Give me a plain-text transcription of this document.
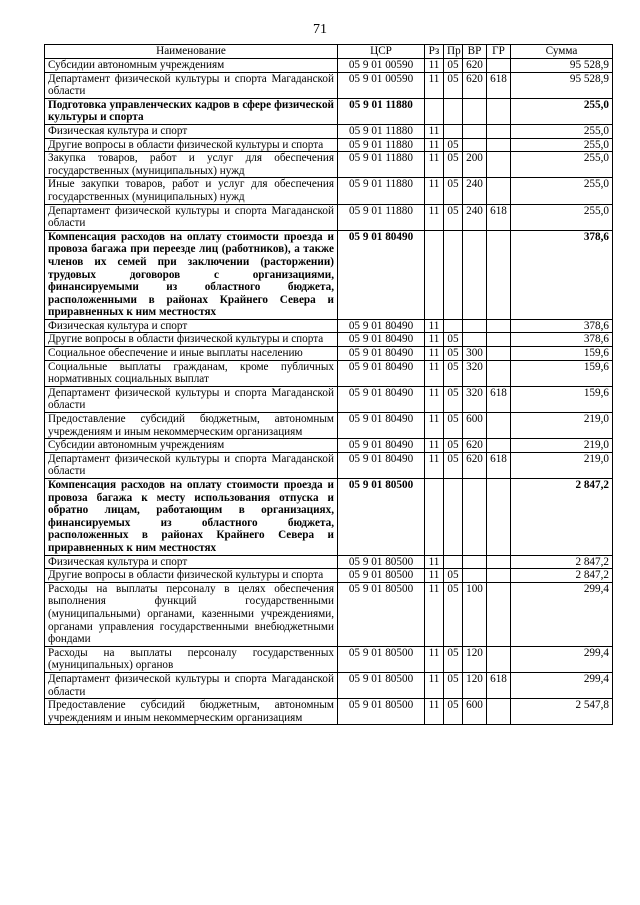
71
Наименование	ЦСР	Рз	Пр	ВР	ГР	Сумма
Субсидии автономным учреждениям	05 9 01 00590	11	05	620		95 528,9
Департамент физической культуры и спорта Магаданской области	05 9 01 00590	11	05	620	618	95 528,9
Подготовка управленческих кадров в сфере физической культуры и спорта	05 9 01 11880					255,0
Физическая культура и спорт	05 9 01 11880	11				255,0
Другие вопросы в области физической культуры и спорта	05 9 01 11880	11	05			255,0
Закупка товаров, работ и услуг для обеспечения государственных (муниципальных) нужд	05 9 01 11880	11	05	200		255,0
Иные закупки товаров, работ и услуг для обеспечения государственных (муниципальных) нужд	05 9 01 11880	11	05	240		255,0
Департамент физической культуры и спорта Магаданской области	05 9 01 11880	11	05	240	618	255,0
Компенсация расходов на оплату стоимости проезда и провоза багажа при переезде лиц (работников), а также членов их семей при заключении (расторжении) трудовых договоров с организациями, финансируемыми из областного бюджета, расположенными в районах Крайнего Севера и приравненных к ним местностях	05 9 01 80490					378,6
Физическая культура и спорт	05 9 01 80490	11				378,6
Другие вопросы в области физической культуры и спорта	05 9 01 80490	11	05			378,6
Социальное обеспечение и иные выплаты населению	05 9 01 80490	11	05	300		159,6
Социальные выплаты гражданам, кроме публичных нормативных социальных выплат	05 9 01 80490	11	05	320		159,6
Департамент физической культуры и спорта Магаданской области	05 9 01 80490	11	05	320	618	159,6
Предоставление субсидий бюджетным, автономным учреждениям и иным некоммерческим организациям	05 9 01 80490	11	05	600		219,0
Субсидии автономным учреждениям	05 9 01 80490	11	05	620		219,0
Департамент физической культуры и спорта Магаданской области	05 9 01 80490	11	05	620	618	219,0
Компенсация расходов на оплату стоимости проезда и провоза багажа к месту использования отпуска и обратно лицам, работающим в организациях, финансируемых из областного бюджета, расположенных в районах Крайнего Севера и приравненных к ним местностях	05 9 01 80500					2 847,2
Физическая культура и спорт	05 9 01 80500	11				2 847,2
Другие вопросы в области физической культуры и спорта	05 9 01 80500	11	05			2 847,2
Расходы на выплаты персоналу в целях обеспечения выполнения функций государственными (муниципальными) органами, казенными учреждениями, органами управления государственными внебюджетными фондами	05 9 01 80500	11	05	100		299,4
Расходы на выплаты персоналу государственных (муниципальных) органов	05 9 01 80500	11	05	120		299,4
Департамент физической культуры и спорта Магаданской области	05 9 01 80500	11	05	120	618	299,4
Предоставление субсидий бюджетным, автономным учреждениям и иным некоммерческим организациям	05 9 01 80500	11	05	600		2 547,8
